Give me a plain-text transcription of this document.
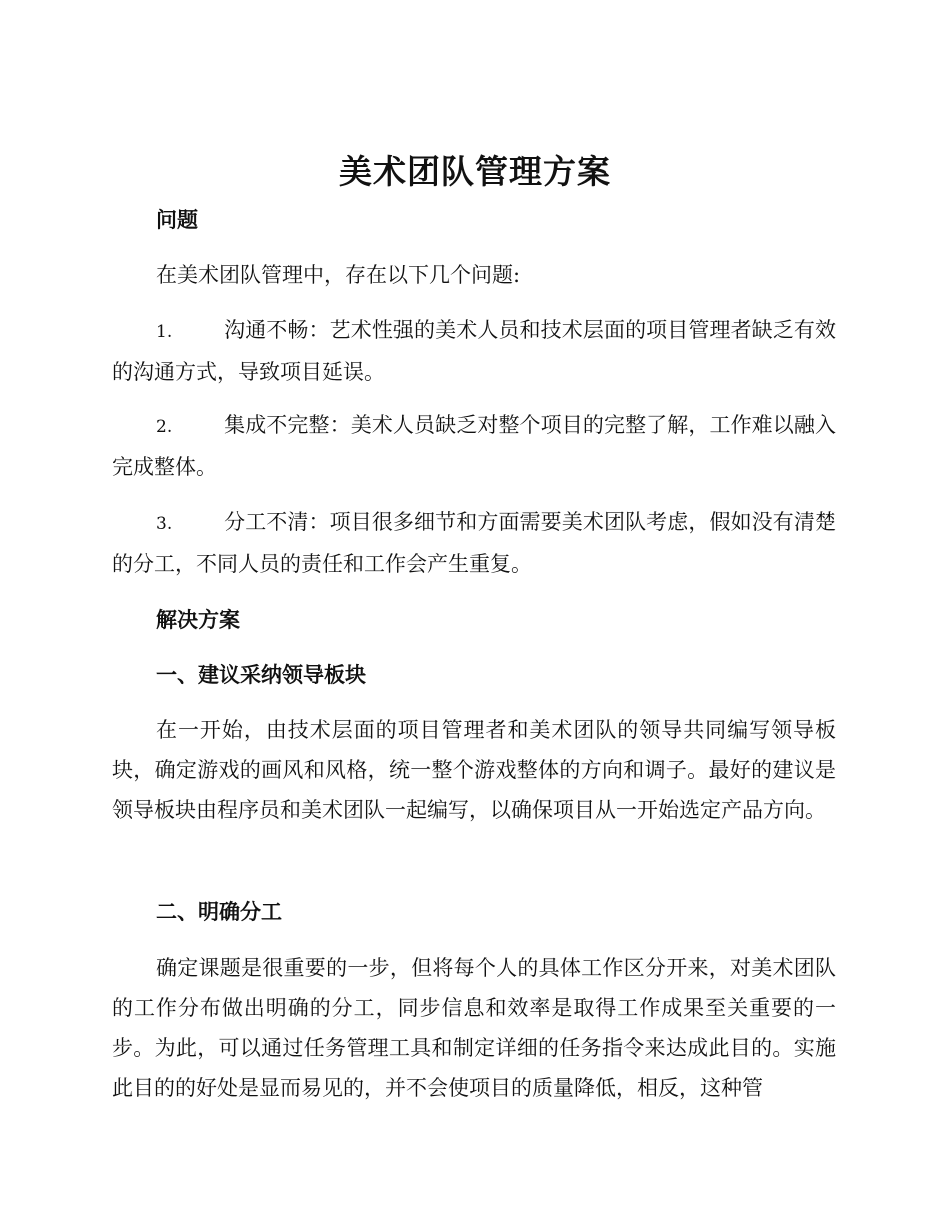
美术团队管理方案
问题

在美术团队管理中，存在以下几个问题:

1. 沟通不畅：艺术性强的美术人员和技术层面的项目管理者缺乏有效的沟通方式，导致项目延误。

2. 集成不完整：美术人员缺乏对整个项目的完整了解，工作难以融入完成整体。

3. 分工不清：项目很多细节和方面需要美术团队考虑，假如没有清楚的分工，不同人员的责任和工作会产生重复。

解决方案
一、建议采纳领导板块

在一开始，由技术层面的项目管理者和美术团队的领导共同编写领导板块，确定游戏的画风和风格，统一整个游戏整体的方向和调子。最好的建议是领导板块由程序员和美术团队一起编写，以确保项目从一开始选定产品方向。

二、明确分工

确定课题是很重要的一步，但将每个人的具体工作区分开来，对美术团队的工作分布做出明确的分工，同步信息和效率是取得工作成果至关重要的一步。为此，可以通过任务管理工具和制定详细的任务指令来达成此目的。实施此目的的好处是显而易见的，并不会使项目的质量降低，相反，这种管
